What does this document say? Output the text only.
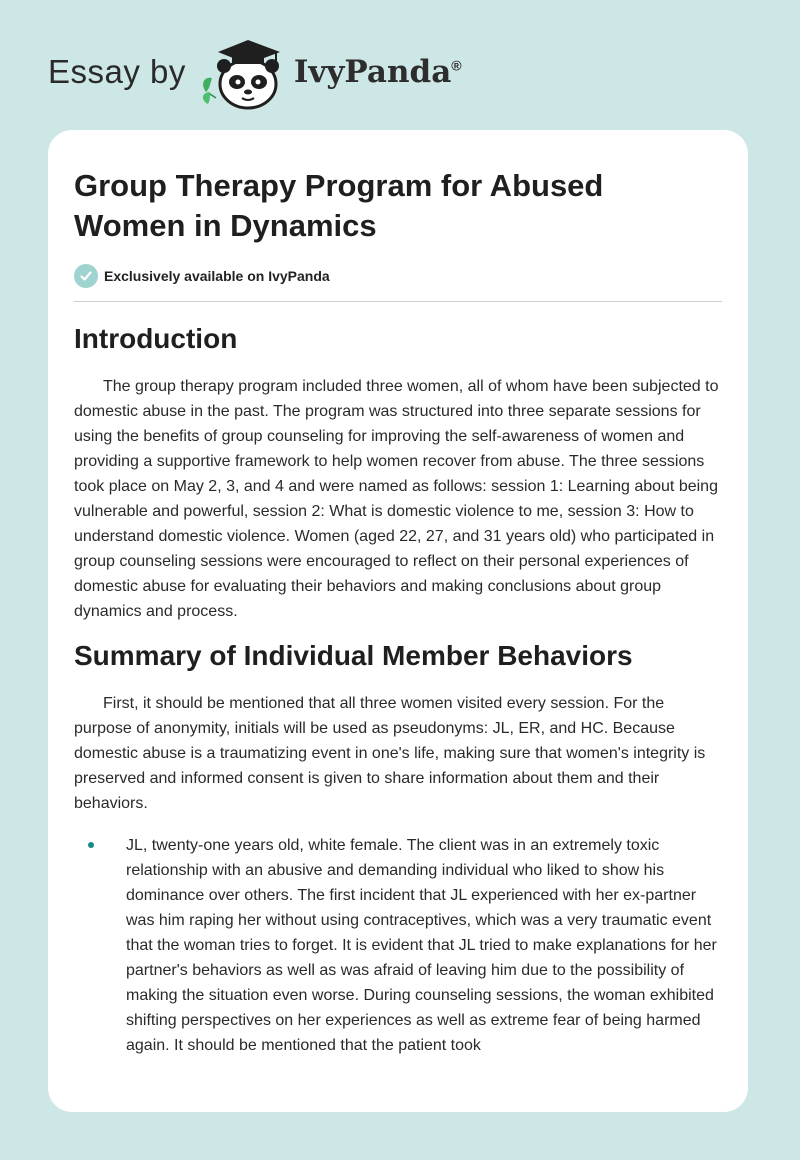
Essay by	IvyPanda®
Group Therapy Program for Abused Women in Dynamics
Exclusively available on IvyPanda
Introduction

The group therapy program included three women, all of whom have been subjected to domestic abuse in the past. The program was structured into three separate sessions for using the benefits of group counseling for improving the self-awareness of women and providing a supportive framework to help women recover from abuse. The three sessions took place on May 2, 3, and 4 and were named as follows: session 1: Learning about being vulnerable and powerful, session 2: What is domestic violence to me, session 3: How to understand domestic violence. Women (aged 22, 27, and 31 years old) who participated in group counseling sessions were encouraged to reflect on their personal experiences of domestic abuse for evaluating their behaviors and making conclusions about group dynamics and process.

Summary of Individual Member Behaviors

First, it should be mentioned that all three women visited every session. For the purpose of anonymity, initials will be used as pseudonyms: JL, ER, and HC. Because domestic abuse is a traumatizing event in one's life, making sure that women's integrity is preserved and informed consent is given to share information about them and their behaviors.

JL, twenty-one years old, white female. The client was in an extremely toxic relationship with an abusive and demanding individual who liked to show his dominance over others. The first incident that JL experienced with her ex-partner was him raping her without using contraceptives, which was a very traumatic event that the woman tries to forget. It is evident that JL tried to make explanations for her partner's behaviors as well as was afraid of leaving him due to the possibility of making the situation even worse. During counseling sessions, the woman exhibited shifting perspectives on her experiences as well as extreme fear of being harmed again. It should be mentioned that the patient took
